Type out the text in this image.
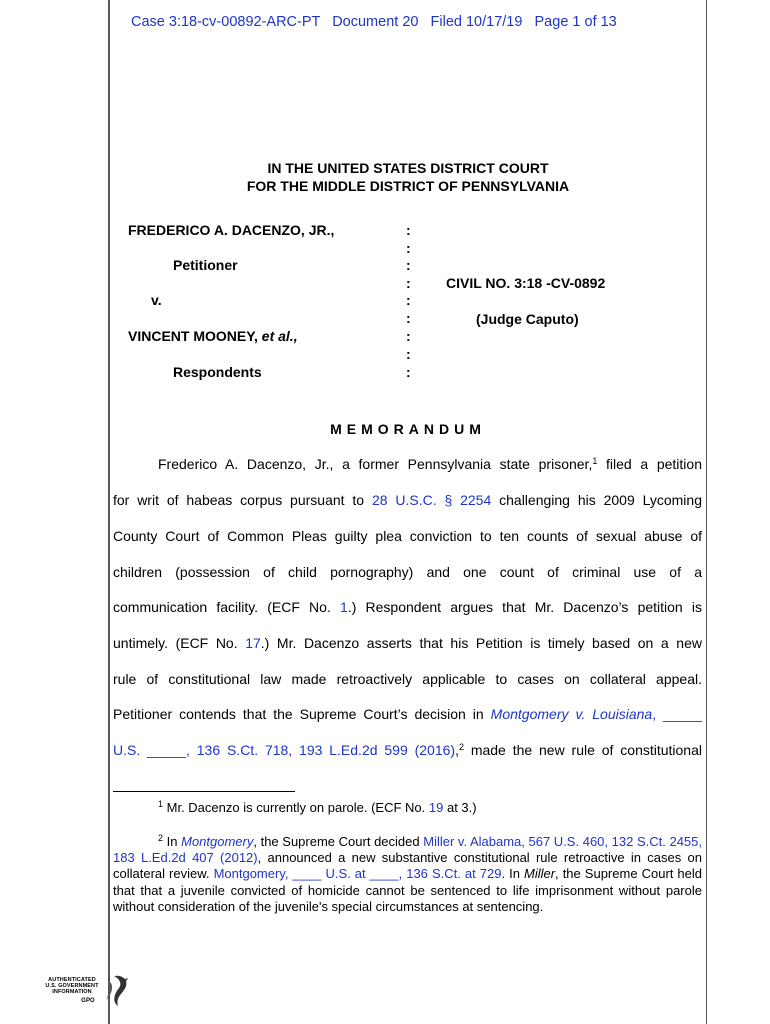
Case 3:18-cv-00892-ARC-PT   Document 20   Filed 10/17/19   Page 1 of 13
IN THE UNITED STATES DISTRICT COURT
FOR THE MIDDLE DISTRICT OF PENNSYLVANIA
FREDERICO A. DACENZO, JR.,
Petitioner
v.
VINCENT MOONEY, et al.,
Respondents
:
:
:
:
:
:
:
:
:
CIVIL NO. 3:18 -CV-0892
(Judge Caputo)
MEMORANDUM
Frederico A. Dacenzo, Jr., a former Pennsylvania state prisoner,$^1$ filed a petition
for writ of habeas corpus pursuant to 28 U.S.C. § 2254 challenging his 2009 Lycoming
County Court of Common Pleas guilty plea conviction to ten counts of sexual abuse of
children (possession of child pornography) and one count of criminal use of a
communication facility. (ECF No. 1.) Respondent argues that Mr. Dacenzo’s petition is
untimely. (ECF No. 17.) Mr. Dacenzo asserts that his Petition is timely based on a new
rule of constitutional law made retroactively applicable to cases on collateral appeal.
Petitioner contends that the Supreme Court’s decision in Montgomery v. Louisiana, _____
U.S. _____, 136 S.Ct. 718, 193 L.Ed.2d 599 (2016),$^2$ made the new rule of constitutional
$^1$ Mr. Dacenzo is currently on parole. (ECF No. 19 at 3.)
$^2$ In Montgomery, the Supreme Court decided Miller v. Alabama, 567 U.S. 460, 132 S.Ct. 2455, 183 L.Ed.2d 407 (2012), announced a new substantive constitutional rule retroactive in cases on collateral review. Montgomery, ____ U.S. at ____, 136 S.Ct. at 729. In Miller, the Supreme Court held that that a juvenile convicted of homicide cannot be sentenced to life imprisonment without parole without consideration of the juvenile's special circumstances at sentencing.
AUTHENTICATED
U.S. GOVERNMENT
INFORMATION
GPO
